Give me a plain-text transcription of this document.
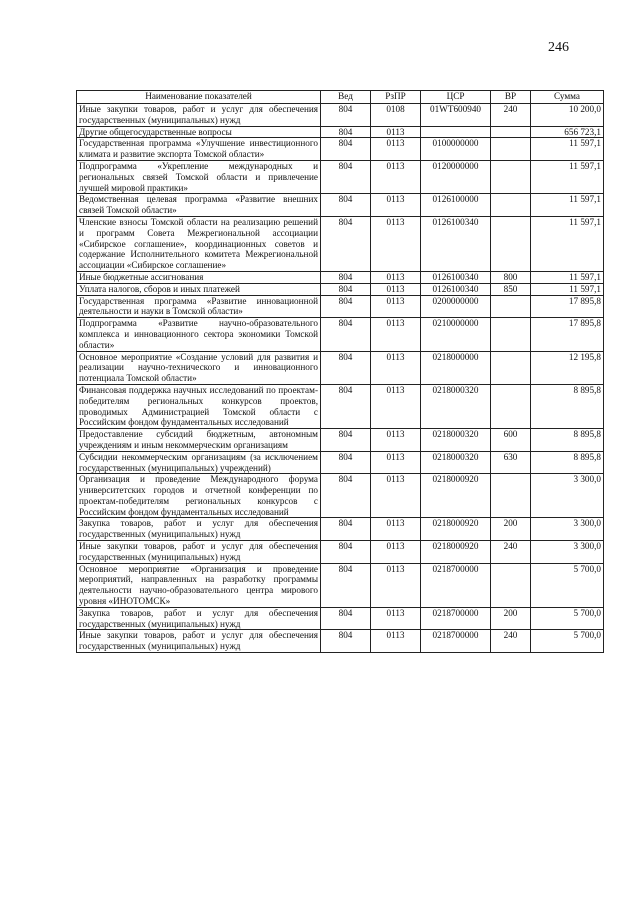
246
Наименование показателей	Вед	РзПР	ЦСР	ВР	Сумма
Иные закупки товаров, работ и услуг для обеспечения государственных (муниципальных) нужд	804	0108	01WT600940	240	10 200,0
Другие общегосударственные вопросы	804	0113			656 723,1
Государственная программа «Улучшение инвестиционного климата и развитие экспорта Томской области»	804	0113	0100000000		11 597,1
Подпрограмма «Укрепление международных и региональных связей Томской области и привлечение лучшей мировой практики»	804	0113	0120000000		11 597,1
Ведомственная целевая программа «Развитие внешних связей Томской области»	804	0113	0126100000		11 597,1
Членские взносы Томской области на реализацию решений и программ Совета Межрегиональной ассоциации «Сибирское соглашение», координационных советов и содержание Исполнительного комитета Межрегиональной ассоциации «Сибирское соглашение»	804	0113	0126100340		11 597,1
Иные бюджетные ассигнования	804	0113	0126100340	800	11 597,1
Уплата налогов, сборов и иных платежей	804	0113	0126100340	850	11 597,1
Государственная программа «Развитие инновационной деятельности и науки в Томской области»	804	0113	0200000000		17 895,8
Подпрограмма «Развитие научно-образовательного комплекса и инновационного сектора экономики Томской области»	804	0113	0210000000		17 895,8
Основное мероприятие «Создание условий для развития и реализации научно-технического и инновационного потенциала Томской области»	804	0113	0218000000		12 195,8
Финансовая поддержка научных исследований по проектам-победителям региональных конкурсов проектов, проводимых Администрацией Томской области с Российским фондом фундаментальных исследований	804	0113	0218000320		8 895,8
Предоставление субсидий бюджетным, автономным учреждениям и иным некоммерческим организациям	804	0113	0218000320	600	8 895,8
Субсидии некоммерческим организациям (за исключением государственных (муниципальных) учреждений)	804	0113	0218000320	630	8 895,8
Организация и проведение Международного форума университетских городов и отчетной конференции по проектам-победителям региональных конкурсов с Российским фондом фундаментальных исследований	804	0113	0218000920		3 300,0
Закупка товаров, работ и услуг для обеспечения государственных (муниципальных) нужд	804	0113	0218000920	200	3 300,0
Иные закупки товаров, работ и услуг для обеспечения государственных (муниципальных) нужд	804	0113	0218000920	240	3 300,0
Основное мероприятие «Организация и проведение мероприятий, направленных на разработку программы деятельности научно-образовательного центра мирового уровня «ИНОТОМСК»	804	0113	0218700000		5 700,0
Закупка товаров, работ и услуг для обеспечения государственных (муниципальных) нужд	804	0113	0218700000	200	5 700,0
Иные закупки товаров, работ и услуг для обеспечения государственных (муниципальных) нужд	804	0113	0218700000	240	5 700,0
